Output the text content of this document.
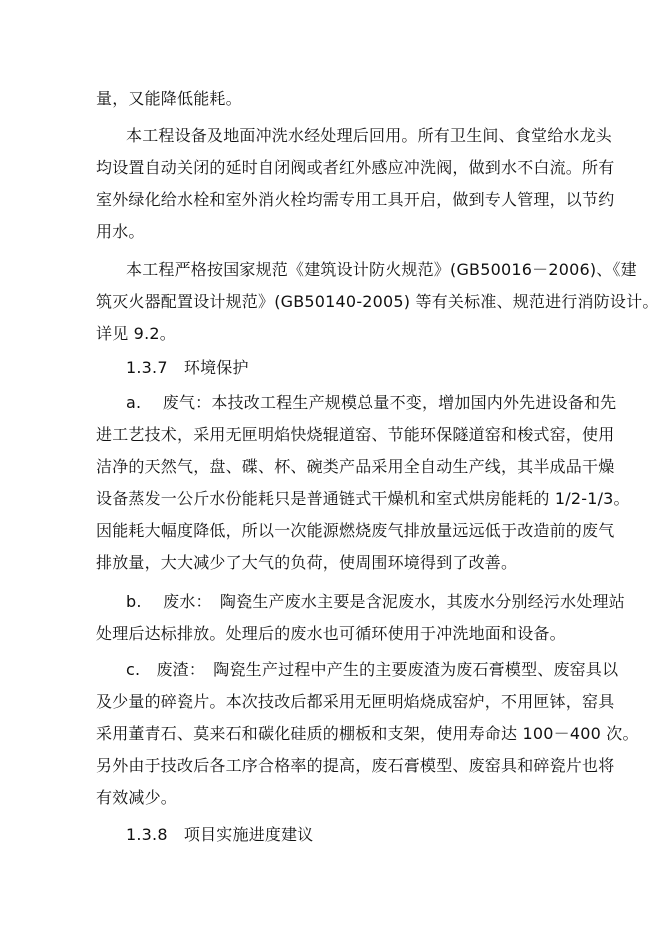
量，又能降低能耗。
本工程设备及地面冲洗水经处理后回用。所有卫生间、食堂给水龙头
均设置自动关闭的延时自闭阀或者红外感应冲洗阀，做到水不白流。所有
室外绿化给水栓和室外消火栓均需专用工具开启，做到专人管理，以节约
用水。
本工程严格按国家规范《建筑设计防火规范》(GB50016－2006)、《建
筑灭火器配置设计规范》(GB50140-2005) 等有关标准、规范进行消防设计。
详见 9.2。
1.3.7　环境保护
a.　 废气：本技改工程生产规模总量不变，增加国内外先进设备和先
进工艺技术，采用无匣明焰快烧辊道窑、节能环保隧道窑和梭式窑，使用
洁净的天然气，盘、碟、杯、碗类产品采用全自动生产线，其半成品干燥
设备蒸发一公斤水份能耗只是普通链式干燥机和室式烘房能耗的 1/2-1/3。
因能耗大幅度降低，所以一次能源燃烧废气排放量远远低于改造前的废气
排放量，大大减少了大气的负荷，使周围环境得到了改善。
b.　 废水：　陶瓷生产废水主要是含泥废水，其废水分别经污水处理站
处理后达标排放。处理后的废水也可循环使用于冲洗地面和设备。
c.　废渣：　陶瓷生产过程中产生的主要废渣为废石膏模型、废窑具以
及少量的碎瓷片。本次技改后都采用无匣明焰烧成窑炉，不用匣钵，窑具
采用董青石、莫来石和碳化硅质的棚板和支架，使用寿命达 100－400 次。
另外由于技改后各工序合格率的提高，废石膏模型、废窑具和碎瓷片也将
有效减少。
1.3.8　项目实施进度建议
